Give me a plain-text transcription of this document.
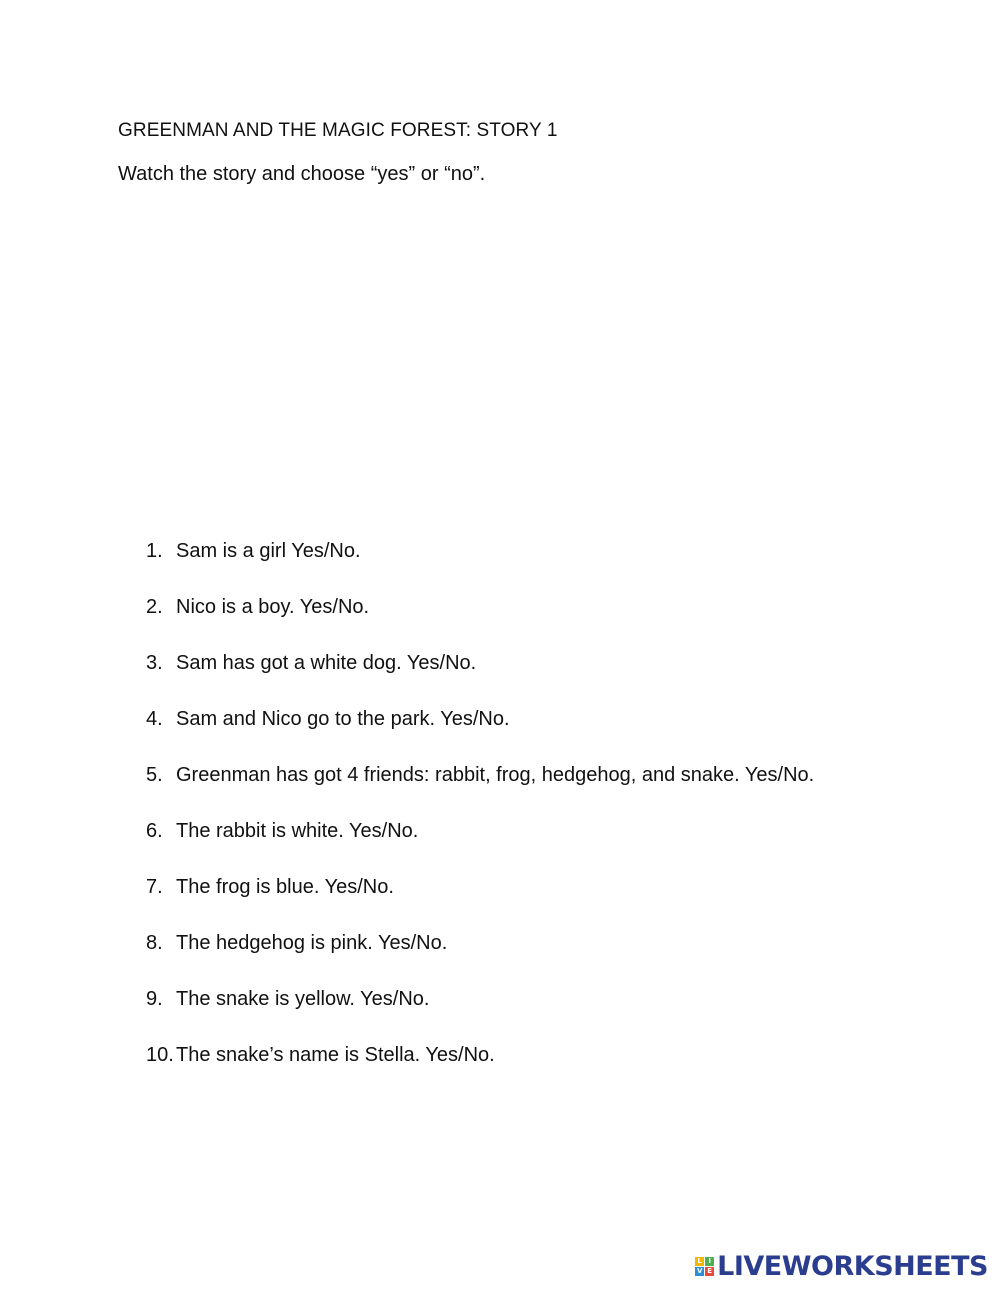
GREENMAN AND THE MAGIC FOREST: STORY 1
Watch the story and choose “yes” or “no”.
1. Sam is a girl Yes/No.
2. Nico is a boy. Yes/No.
3. Sam has got a white dog. Yes/No.
4. Sam and Nico go to the park. Yes/No.
5. Greenman has got 4 friends: rabbit, frog, hedgehog, and snake. Yes/No.
6. The rabbit is white. Yes/No.
7. The frog is blue. Yes/No.
8. The hedgehog is pink. Yes/No.
9. The snake is yellow. Yes/No.
10. The snake’s name is Stella. Yes/No.
L I
V E LIVEWORKSHEETS
